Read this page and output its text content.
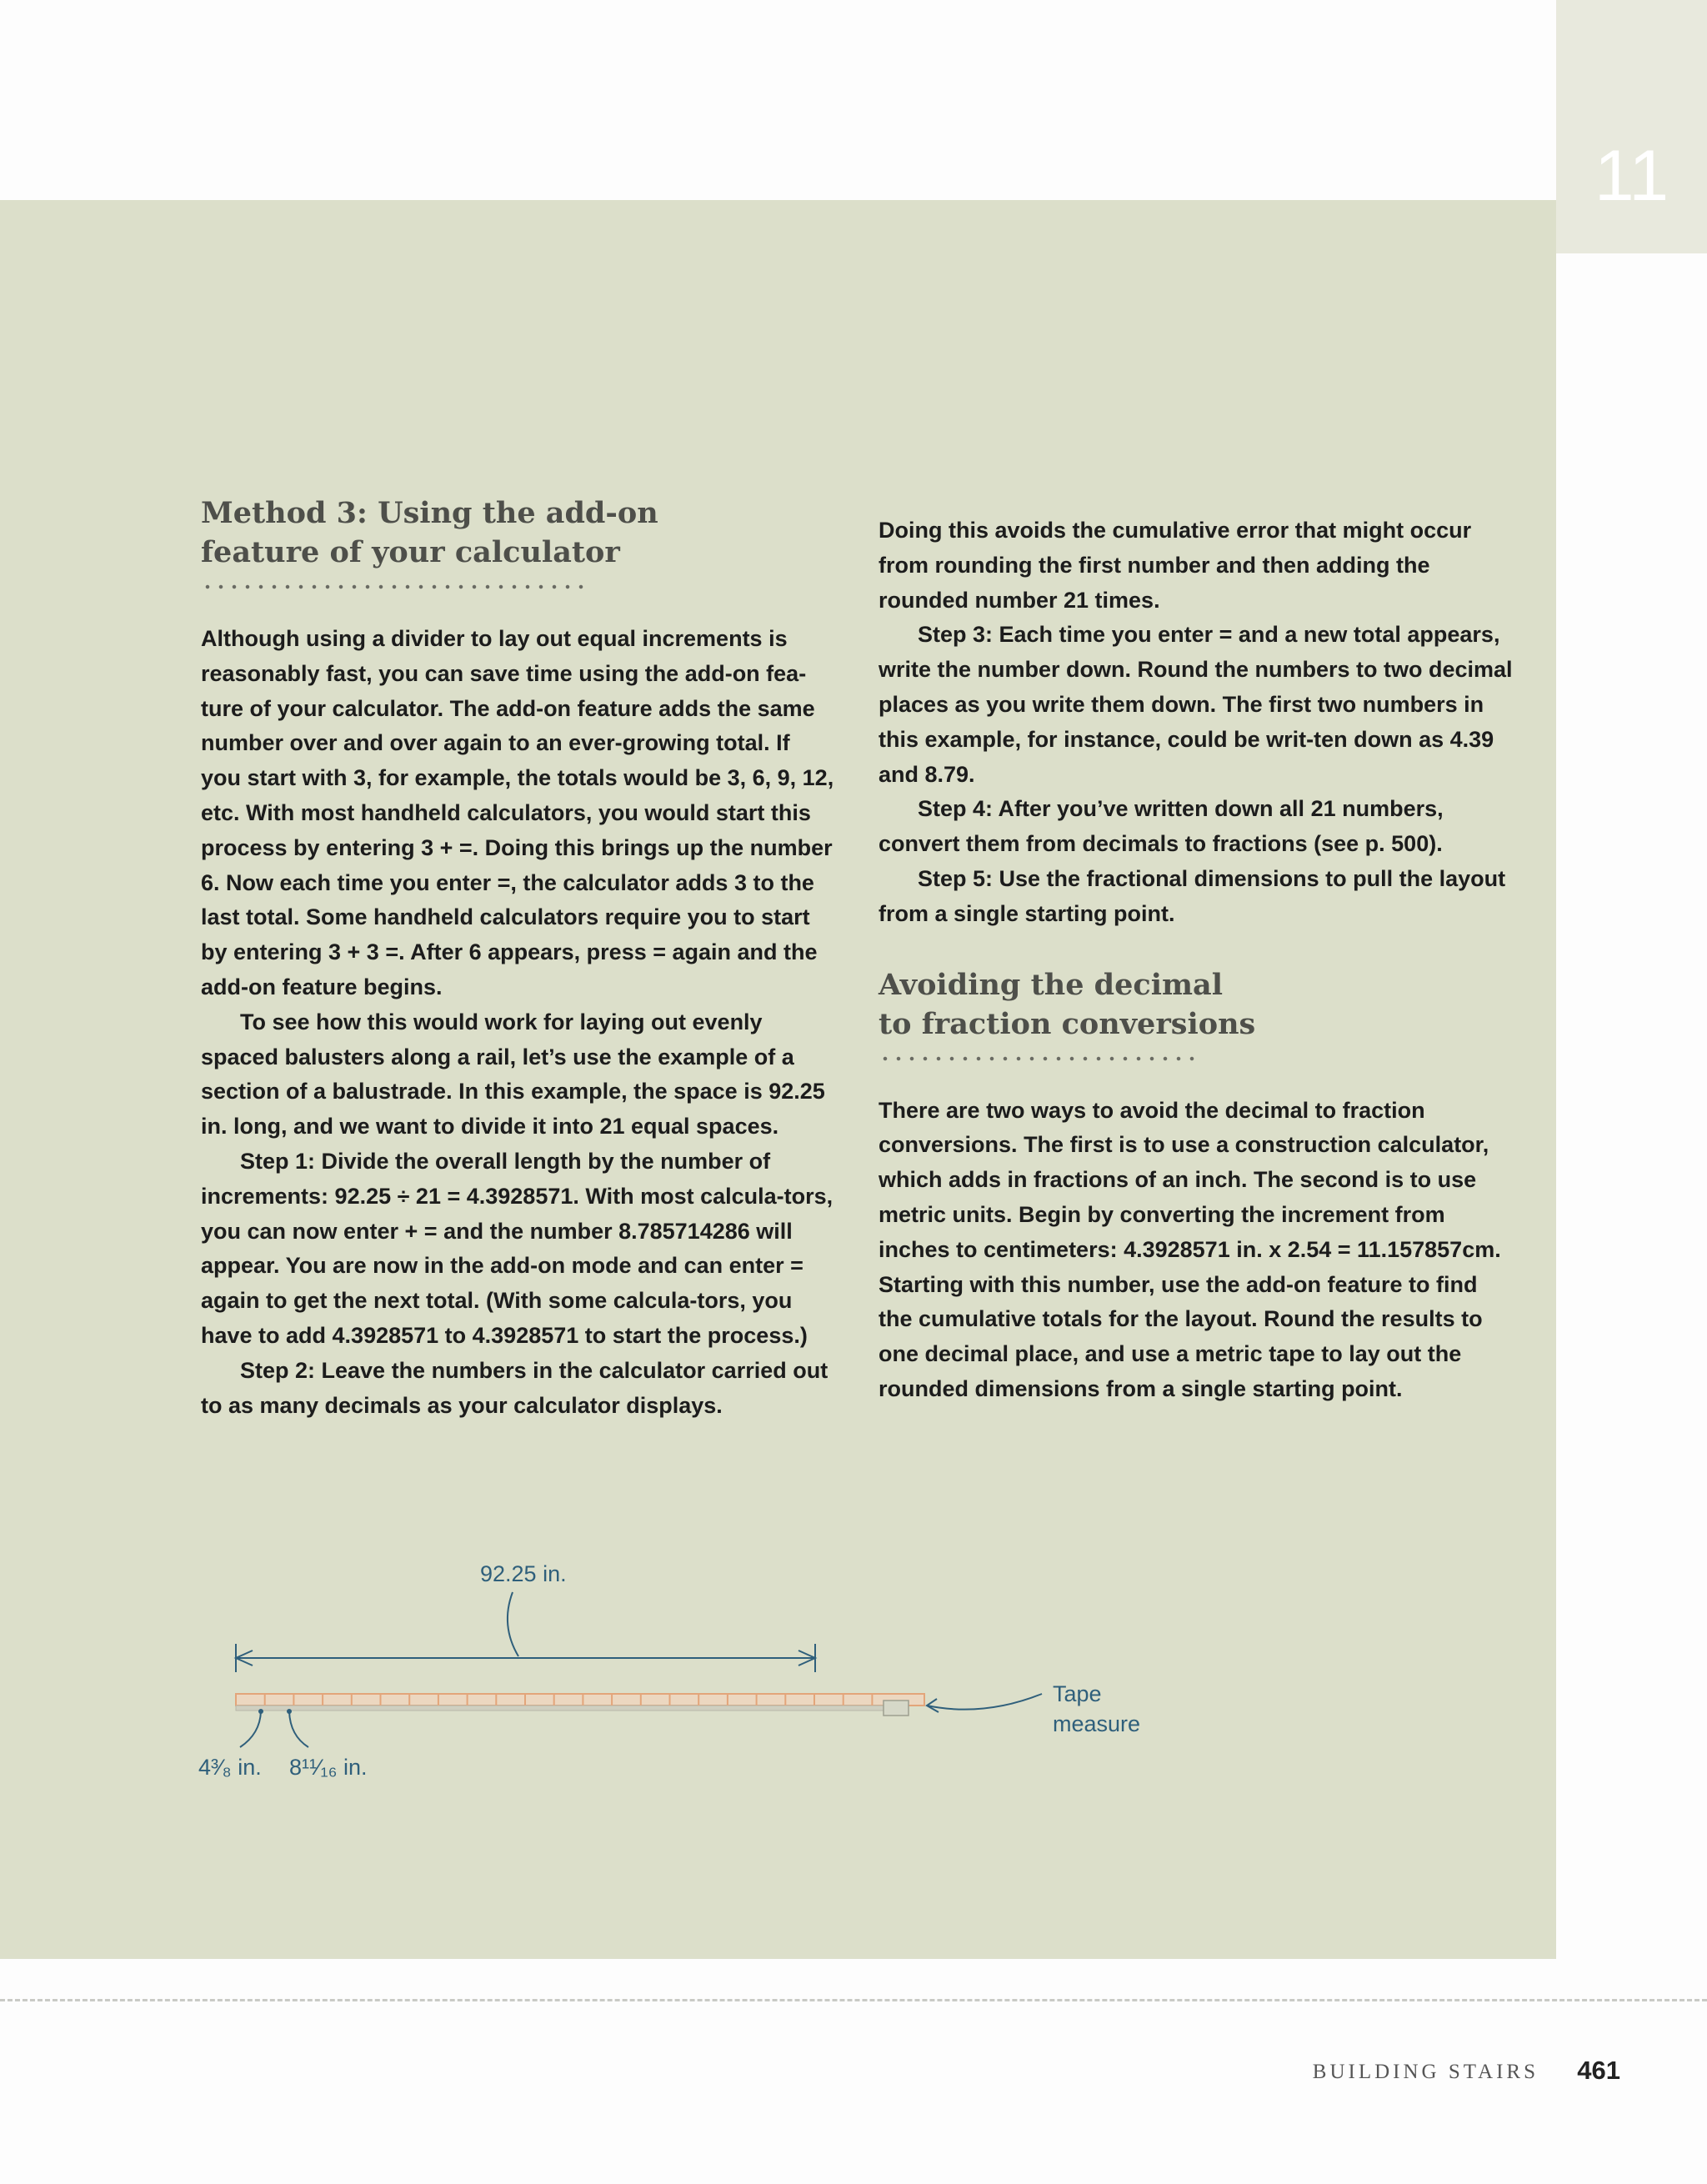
11
Method 3: Using the add-on
feature of your calculator

Although using a divider to lay out equal increments is reasonably fast, you can save time using the add-on fea-ture of your calculator. The add-on feature adds the same number over and over again to an ever-growing total. If you start with 3, for example, the totals would be 3, 6, 9, 12, etc. With most handheld calculators, you would start this process by entering 3 + =. Doing this brings up the number 6. Now each time you enter =, the calculator adds 3 to the last total. Some handheld calculators require you to start by entering 3 + 3 =. After 6 appears, press = again and the add-on feature begins.

To see how this would work for laying out evenly spaced balusters along a rail, let’s use the example of a section of a balustrade. In this example, the space is 92.25 in. long, and we want to divide it into 21 equal spaces.

Step 1: Divide the overall length by the number of increments: 92.25 ÷ 21 = 4.3928571. With most calcula-tors, you can now enter + = and the number 8.785714286 will appear. You are now in the add-on mode and can enter = again to get the next total. (With some calcula-tors, you have to add 4.3928571 to 4.3928571 to start the process.)

Step 2: Leave the numbers in the calculator carried out to as many decimals as your calculator displays.

Doing this avoids the cumulative error that might occur from rounding the first number and then adding the rounded number 21 times.

Step 3: Each time you enter = and a new total appears, write the number down. Round the numbers to two decimal places as you write them down. The first two numbers in this example, for instance, could be writ-ten down as 4.39 and 8.79.

Step 4: After you’ve written down all 21 numbers, convert them from decimals to fractions (see p. 500).

Step 5: Use the fractional dimensions to pull the layout from a single starting point.

Avoiding the decimal
to fraction conversions

There are two ways to avoid the decimal to fraction conversions. The first is to use a construction calculator, which adds in fractions of an inch. The second is to use metric units. Begin by converting the increment from inches to centimeters: 4.3928571 in. x 2.54 = 11.157857cm. Starting with this number, use the add-on feature to find the cumulative totals for the layout. Round the results to one decimal place, and use a metric tape to lay out the rounded dimensions from a single starting point.

92.25 in.
Tape
measure
4³⁄₈ in. 8¹¹⁄₁₆ in.
BUILDING STAIRS 461
